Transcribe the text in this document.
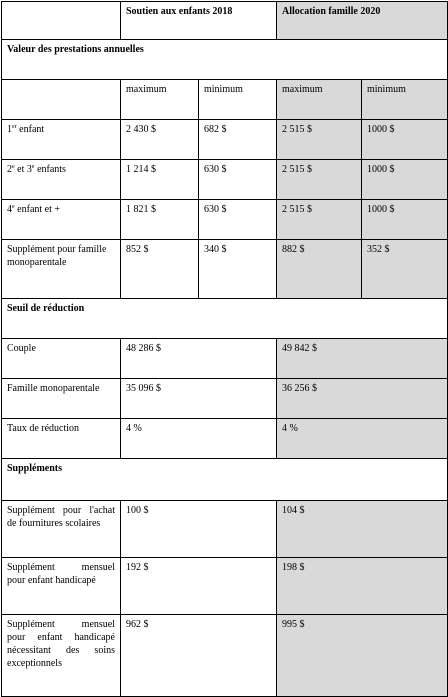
	Soutien aux enfants 2018		Allocation famille 2020	
Valeur des prestations annuelles				
	maximum	minimum	maximum	minimum
1er enfant	2 430 $	682 $	2 515 $	1000 $
2e et 3e enfants	1 214 $	630 $	2 515 $	1000 $
4e enfant et +	1 821 $	630 $	2 515 $	1000 $
Supplément pour famille monoparentale	852 $	340 $	882 $	352 $
Seuil de réduction				
Couple	48 286 $		49 842 $	
Famille monoparentale	35 096 $		36 256 $	
Taux de réduction	4 %		4 %	
Suppléments				

Supplément pour l'achat
de fournitures scolaires	100 $		104 $	

Supplément mensuel
pour enfant handicapé	192 $		198 $	

Supplément mensuel
pour enfant handicapé
nécessitant des soins
exceptionnels	962 $		995 $	
